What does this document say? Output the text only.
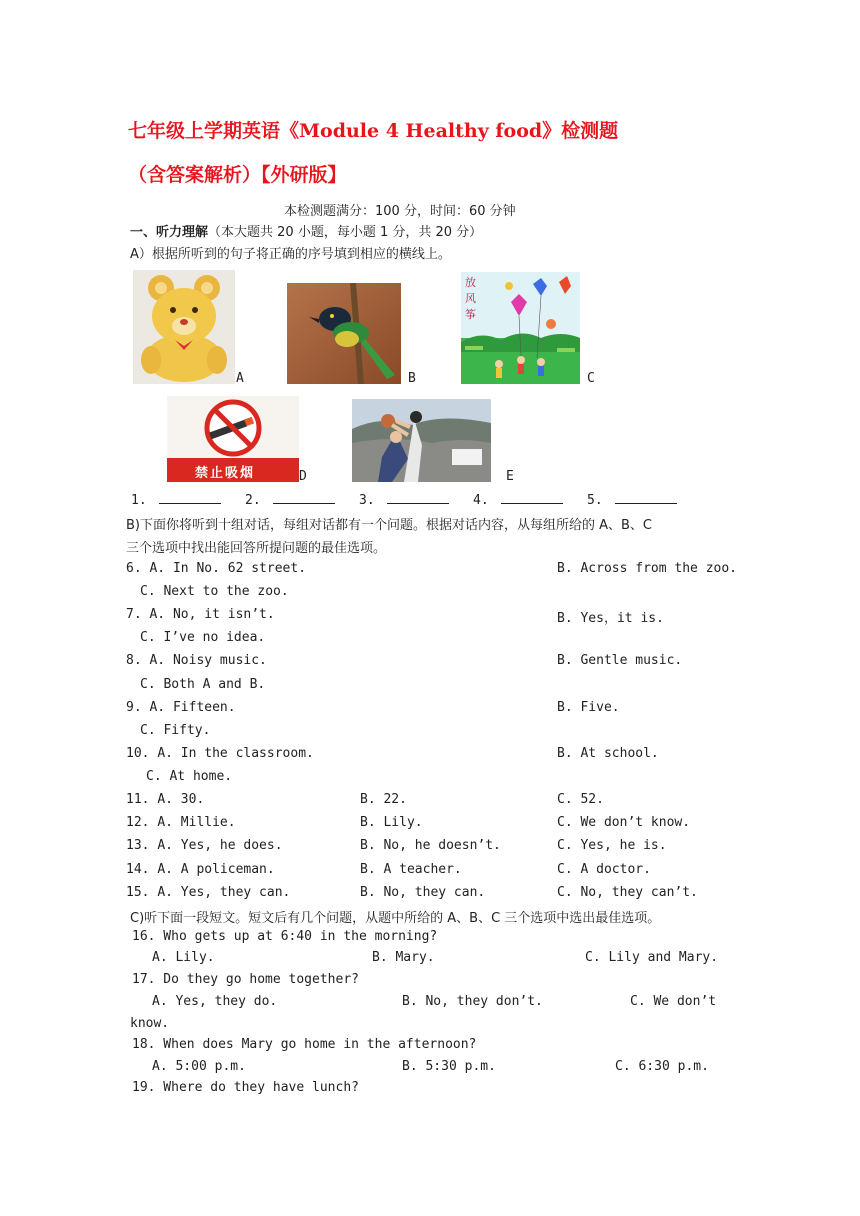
七年级上学期英语《Module 4 Healthy food》检测题
（含答案解析）【外研版】
本检测题满分：100 分，时间：60 分钟
一、听力理解（本大题共 20 小题，每小题 1 分，共 20 分）
A）根据所听到的句子将正确的序号填到相应的横线上。
A	B
放
风
筝
C
禁止吸烟	D	E
1.	2.	3.	4.	5.
B)下面你将听到十组对话，每组对话都有一个问题。根据对话内容，从每组所给的 A、B、C
三个选项中找出能回答所提问题的最佳选项。
6. A. In No. 62 street.	B. Across from the zoo.
C. Next to the zoo.
7. A. No, it isn’t.	B. Yes，it is.
C. I’ve no idea.
8. A. Noisy music.	B. Gentle music.
C. Both A and B.
9. A. Fifteen.	B. Five.
C. Fifty.
10. A. In the classroom.	B. At school.
C. At home.
11. A. 30.	B. 22.	C. 52.
12. A. Millie.	B. Lily.	C. We don’t know.
13. A. Yes, he does.	B. No, he doesn’t.	C. Yes, he is.
14. A. A policeman.	B. A teacher.	C. A doctor.
15. A. Yes, they can.	B. No, they can.	C. No, they can’t.
C)听下面一段短文。短文后有几个问题，从题中所给的 A、B、C 三个选项中选出最佳选项。
16. Who gets up at 6:40 in the morning?
A. Lily.	B. Mary.	C. Lily and Mary.
17. Do they go home together?
A. Yes, they do.	B. No, they don’t.	C. We don’t
know.
18. When does Mary go home in the afternoon?
A. 5:00 p.m.	B. 5:30 p.m.	C. 6:30 p.m.
19. Where do they have lunch?
